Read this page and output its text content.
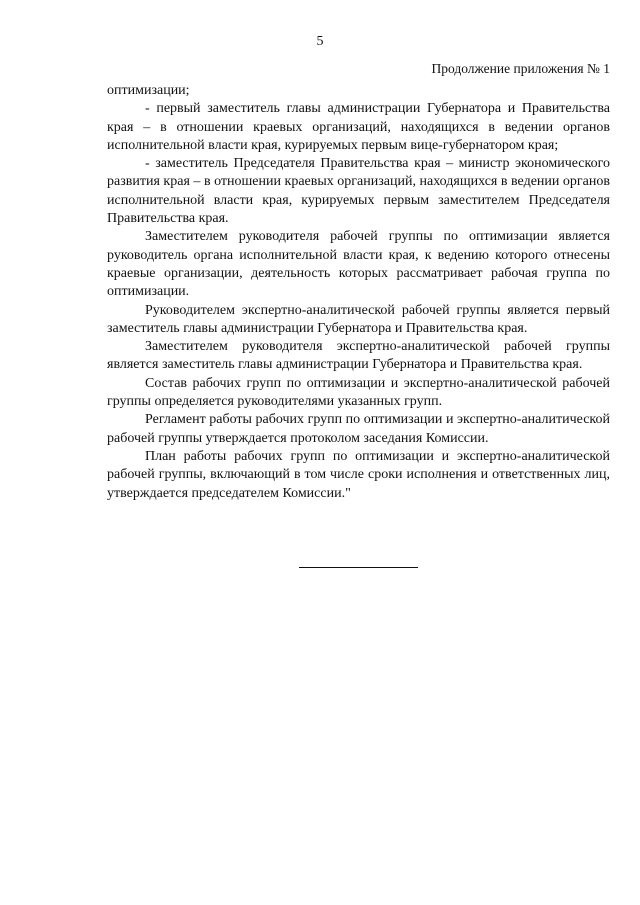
5
Продолжение приложения № 1

оптимизации;

- первый заместитель главы администрации Губернатора и Правительства края – в отношении краевых организаций, находящихся в ведении органов исполнительной власти края, курируемых первым вице-губернатором края;

- заместитель Председателя Правительства края – министр экономического развития края – в отношении краевых организаций, находящихся в ведении органов исполнительной власти края, курируемых первым заместителем Председателя Правительства края.

Заместителем руководителя рабочей группы по оптимизации является руководитель органа исполнительной власти края, к ведению которого отнесены краевые организации, деятельность которых рассматривает рабочая группа по оптимизации.

Руководителем экспертно-аналитической рабочей группы является первый заместитель главы администрации Губернатора и Правительства края.

Заместителем руководителя экспертно-аналитической рабочей группы является заместитель главы администрации Губернатора и Правительства края.

Состав рабочих групп по оптимизации и экспертно-аналитической рабочей группы определяется руководителями указанных групп.

Регламент работы рабочих групп по оптимизации и экспертно-аналитической рабочей группы утверждается протоколом заседания Комиссии.

План работы рабочих групп по оптимизации и экспертно-аналитической рабочей группы, включающий в том числе сроки исполнения и ответственных лиц, утверждается председателем Комиссии."
